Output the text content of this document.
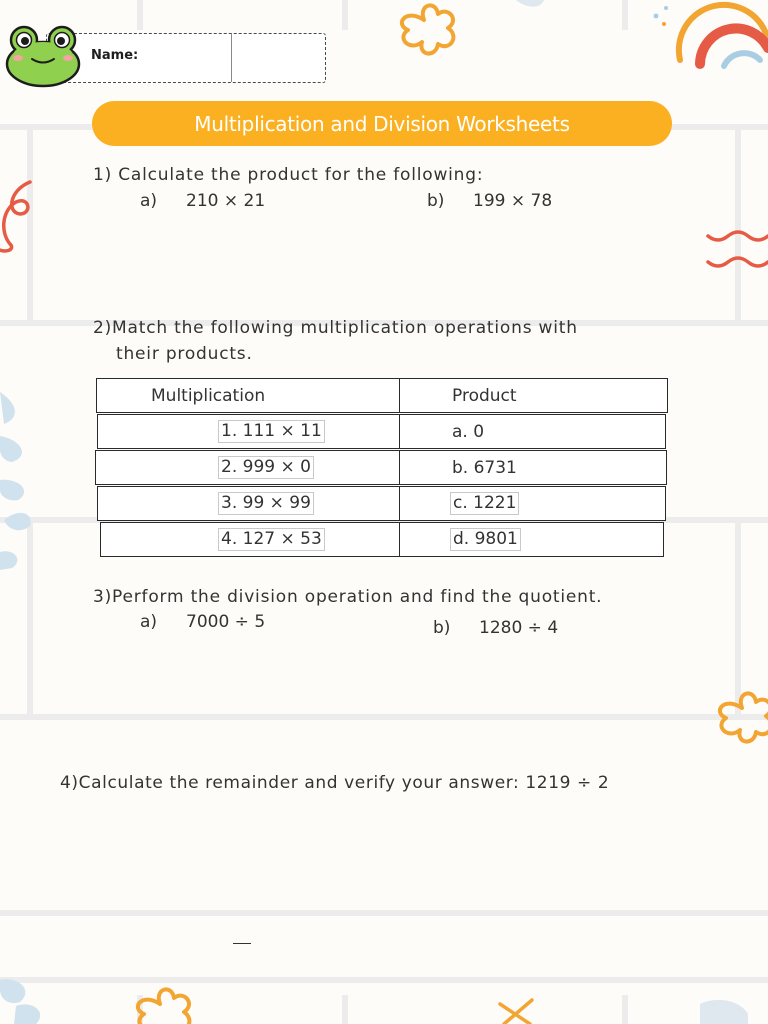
Name:
Multiplication and Division Worksheets
1) Calculate the product for the following:
a) 210 × 21	b) 199 × 78
2)Match the following multiplication operations with
their products.
Multiplication	Product
1. 111 × 11	a. 0
2. 999 × 0	b. 6731
3. 99 × 99	c. 1221
4. 127 × 53	d. 9801
3)Perform the division operation and find the quotient.
a) 7000 ÷ 5	b) 1280 ÷ 4
4)Calculate the remainder and verify your answer: 1219 ÷ 2
